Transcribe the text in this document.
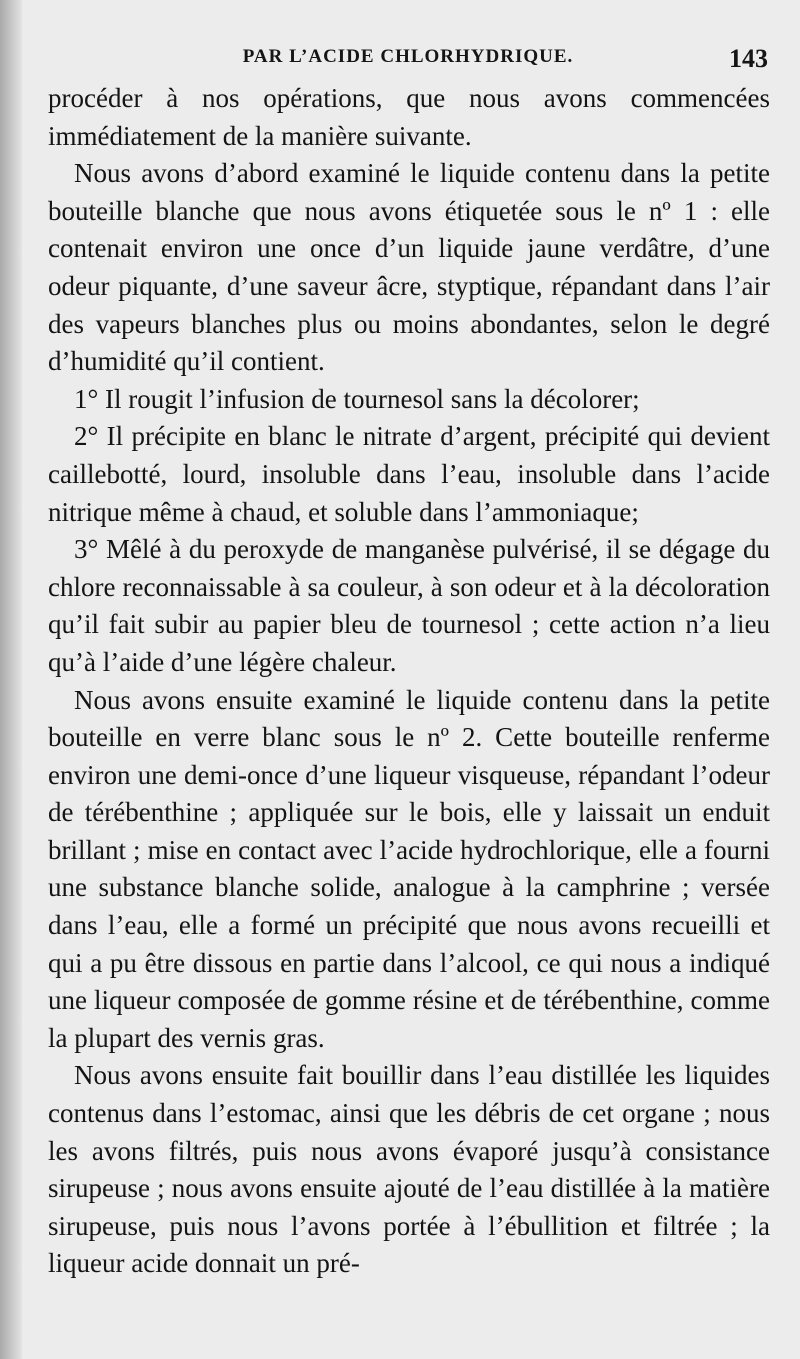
PAR L’ACIDE CHLORHYDRIQUE.	143

procéder à nos opérations, que nous avons commencées immédiatement de la manière suivante.

Nous avons d’abord examiné le liquide contenu dans la petite bouteille blanche que nous avons étiquetée sous le nº 1 : elle contenait environ une once d’un liquide jaune verdâtre, d’une odeur piquante, d’une saveur âcre, styptique, répandant dans l’air des vapeurs blanches plus ou moins abondantes, selon le degré d’humidité qu’il contient.

1° Il rougit l’infusion de tournesol sans la décolorer;

2° Il précipite en blanc le nitrate d’argent, précipité qui devient caillebotté, lourd, insoluble dans l’eau, insoluble dans l’acide nitrique même à chaud, et soluble dans l’ammoniaque;

3° Mêlé à du peroxyde de manganèse pulvérisé, il se dégage du chlore reconnaissable à sa couleur, à son odeur et à la décoloration qu’il fait subir au papier bleu de tournesol ; cette action n’a lieu qu’à l’aide d’une légère chaleur.

Nous avons ensuite examiné le liquide contenu dans la petite bouteille en verre blanc sous le nº 2. Cette bouteille renferme environ une demi-once d’une liqueur visqueuse, répandant l’odeur de térébenthine ; appliquée sur le bois, elle y laissait un enduit brillant ; mise en contact avec l’acide hydrochlorique, elle a fourni une substance blanche solide, analogue à la camphrine ; versée dans l’eau, elle a formé un précipité que nous avons recueilli et qui a pu être dissous en partie dans l’alcool, ce qui nous a indiqué une liqueur composée de gomme résine et de térébenthine, comme la plupart des vernis gras.

Nous avons ensuite fait bouillir dans l’eau distillée les liquides contenus dans l’estomac, ainsi que les débris de cet organe ; nous les avons filtrés, puis nous avons évaporé jusqu’à consistance sirupeuse ; nous avons ensuite ajouté de l’eau distillée à la matière sirupeuse, puis nous l’avons portée à l’ébullition et filtrée ; la liqueur acide donnait un pré-
